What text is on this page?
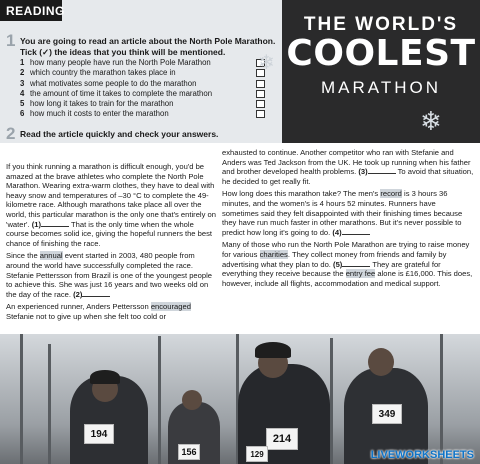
READING
1 You are going to read an article about the North Pole Marathon.
Tick (✓) the ideas that you think will be mentioned.
1 how many people have run the North Pole Marathon
2 which country the marathon takes place in
3 what motivates some people to do the marathon
4 the amount of time it takes to complete the marathon
5 how long it takes to train for the marathon
6 how much it costs to enter the marathon
2 Read the article quickly and check your answers.
THE WORLD'S
COOLEST
MARATHON
❄
❄

If you think running a marathon is difficult enough, you'd be amazed at the brave athletes who complete the North Pole Marathon. Wearing extra-warm clothes, they have to deal with heavy snow and temperatures of –30 °C to complete the 49-kilometre race. Although marathons take place all over the world, this particular marathon is the only one that's entirely on 'water'. (1)	That is the only time when the whole course becomes solid ice, giving the hopeful runners the best chance of finishing the race.

Since the annual event started in 2003, 480 people from around the world have successfully completed the race. Stefanie Pettersson from Brazil is one of the youngest people to achieve this. She was just 16 years and two weeks old on the day of the race. (2)

An experienced runner, Anders Pettersson encouraged Stefanie not to give up when she felt too cold or

exhausted to continue. Another competitor who ran with Stefanie and Anders was Ted Jackson from the UK. He took up running when his father and brother developed health problems. (3)	To avoid that situation, he decided to get really fit.

How long does this marathon take? The men's record is 3 hours 36 minutes, and the women's is 4 hours 52 minutes. Runners have sometimes said they felt disappointed with their finishing times because they have run much faster in other marathons. But it's never possible to predict how long it's going to do. (4)

Many of those who run the North Pole Marathon are trying to raise money for various charities. They collect money from friends and family by advertising what they plan to do. (5)	They are grateful for everything they receive because the entry fee alone is £16,000. This does, however, include all flights, accommodation and medical support.

194
156
214
129
349
LIVEWORKSHEETS
